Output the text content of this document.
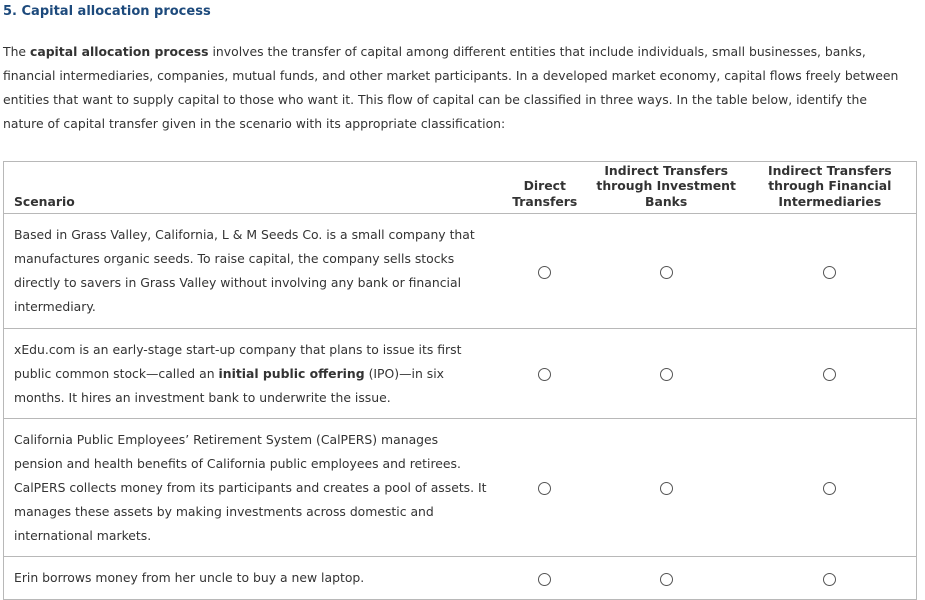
5. Capital allocation process
The capital allocation process involves the transfer of capital among different entities that include individuals, small businesses, banks, financial intermediaries, companies, mutual funds, and other market participants. In a developed market economy, capital flows freely between entities that want to supply capital to those who want it. This flow of capital can be classified in three ways. In the table below, identify the nature of capital transfer given in the scenario with its appropriate classification:
Scenario	Direct Transfers	Indirect Transfers through Investment Banks	Indirect Transfers through Financial Intermediaries
Based in Grass Valley, California, L & M Seeds Co. is a small company that manufactures organic seeds. To raise capital, the company sells stocks directly to savers in Grass Valley without involving any bank or financial intermediary.			
xEdu.com is an early-stage start-up company that plans to issue its first public common stock—called an initial public offering (IPO)—in six months. It hires an investment bank to underwrite the issue.			
California Public Employees’ Retirement System (CalPERS) manages pension and health benefits of California public employees and retirees. CalPERS collects money from its participants and creates a pool of assets. It manages these assets by making investments across domestic and international markets.			
Erin borrows money from her uncle to buy a new laptop.			
